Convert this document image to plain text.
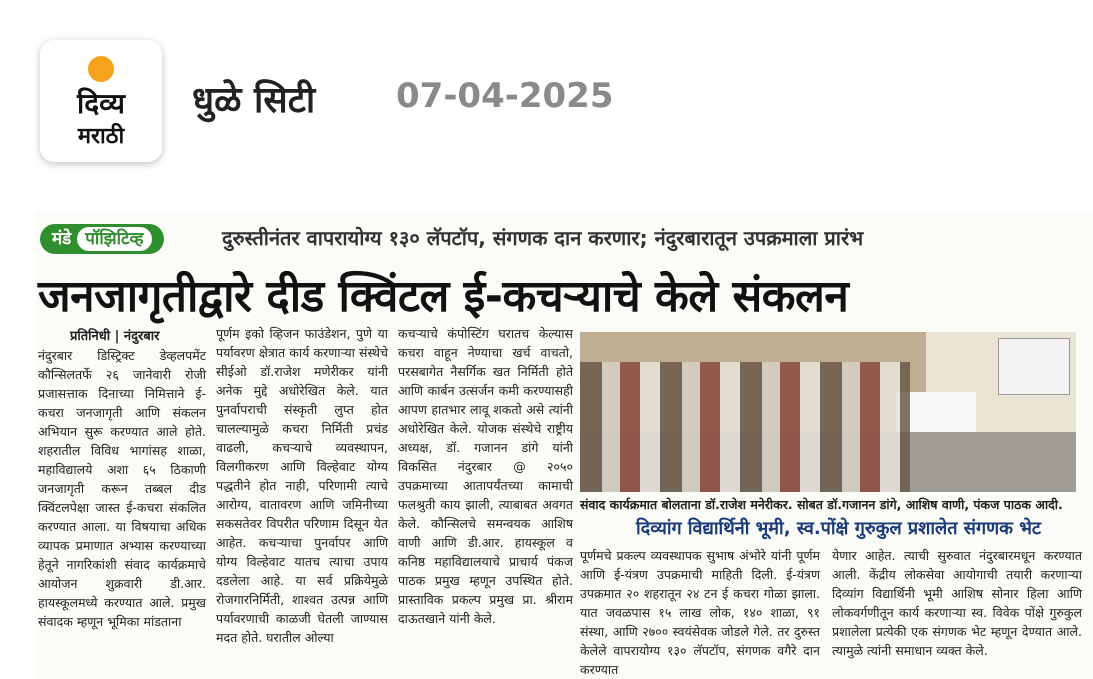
दिव्य
मराठी
धुळे सिटी 07-04-2025
मंडे पॉझिटिव्ह	दुरुस्तीनंतर वापरायोग्य १३० लॅपटॉप, संगणक दान करणार; नंदुरबारातून उपक्रमाला प्रारंभ
जनजागृतीद्वारे दीड क्विंटल ई-कचऱ्याचे केले संकलन
प्रतिनिधी | नंदुरबार
नंदुरबार डिस्ट्रिक्ट डेव्हलपमेंट कौन्सिलतर्फे २६ जानेवारी रोजी प्रजासत्ताक दिनाच्या निमित्ताने ई-कचरा जनजागृती आणि संकलन अभियान सुरू करण्यात आले होते. शहरातील विविध भागांसह शाळा, महाविद्यालये अशा ६५ ठिकाणी जनजागृती करून तब्बल दीड क्विंटलपेक्षा जास्त ई-कचरा संकलित करण्यात आला. या विषयाचा अधिक व्यापक प्रमाणात अभ्यास करण्याच्या हेतूने नागरिकांशी संवाद कार्यक्रमाचे आयोजन शुक्रवारी डी.आर. हायस्कूलमध्ये करण्यात आले. प्रमुख संवादक म्हणून भूमिका मांडताना
पूर्णम इको व्हिजन फाउंडेशन, पुणे या पर्यावरण क्षेत्रात कार्य करणाऱ्या संस्थेचे सीईओ डॉ.राजेश मणेरीकर यांनी अनेक मुद्दे अधोरेखित केले. यात पुनर्वापराची संस्कृती लुप्त होत चालल्यामुळे कचरा निर्मिती प्रचंड वाढली, कचऱ्याचे व्यवस्थापन, विलगीकरण आणि विल्हेवाट योग्य पद्धतीने होत नाही, परिणामी त्याचे आरोग्य, वातावरण आणि जमिनीच्या सकसतेवर विपरीत परिणाम दिसून येत आहेत. कचऱ्याचा पुनर्वापर आणि योग्य विल्हेवाट यातच त्याचा उपाय दडलेला आहे. या सर्व प्रक्रियेमुळे रोजगारनिर्मिती, शाश्वत उत्पन्न आणि पर्यावरणाची काळजी घेतली जाण्यास मदत होते. घरातील ओल्या
कचऱ्याचे कंपोस्टिंग घरातच केल्यास कचरा वाहून नेण्याचा खर्च वाचतो, परसबागेत नैसर्गिक खत निर्मिती होते आणि कार्बन उत्सर्जन कमी करण्यासही आपण हातभार लावू शकतो असे त्यांनी अधोरेखित केले. योजक संस्थेचे राष्ट्रीय अध्यक्ष, डॉ. गजानन डांगे यांनी विकसित नंदुरबार @ २०५० उपक्रमाच्या आतापर्यंतच्या कामाची फलश्रुती काय झाली, त्याबाबत अवगत केले. कौन्सिलचे समन्वयक आशिष वाणी आणि डी.आर. हायस्कूल व कनिष्ठ महाविद्यालयाचे प्राचार्य पंकज पाठक प्रमुख म्हणून उपस्थित होते. प्रास्ताविक प्रकल्प प्रमुख प्रा. श्रीराम दाऊतखाने यांनी केले.
संवाद कार्यक्रमात बोलताना डॉ.राजेश मनेरीकर. सोबत डॉ.गजानन डांगे, आशिष वाणी, पंकज पाठक आदी.
दिव्यांग विद्यार्थिनी भूमी, स्व.पोंक्षे गुरुकुल प्रशालेत संगणक भेट
पूर्णमचे प्रकल्प व्यवस्थापक सुभाष अंभोरे यांनी पूर्णम आणि ई-यंत्रण उपक्रमाची माहिती दिली. ई-यंत्रण उपक्रमात २० शहरातून २४ टन ई कचरा गोळा झाला. यात जवळपास १५ लाख लोक, १४० शाळा, ९१ संस्था, आणि २७०० स्वयंसेवक जोडले गेले. तर दुरुस्त केलेले वापरायोग्य १३० लॅपटॉप, संगणक वगैरे दान करण्यात
येणार आहेत. त्याची सुरुवात नंदुरबारमधून करण्यात आली. केंद्रीय लोकसेवा आयोगाची तयारी करणाऱ्या दिव्यांग विद्यार्थिनी भूमी आशिष सोनार हिला आणि लोकवर्गणीतून कार्य करणाऱ्या स्व. विवेक पोंक्षे गुरुकुल प्रशालेला प्रत्येकी एक संगणक भेट म्हणून देण्यात आले. त्यामुळे त्यांनी समाधान व्यक्त केले.
